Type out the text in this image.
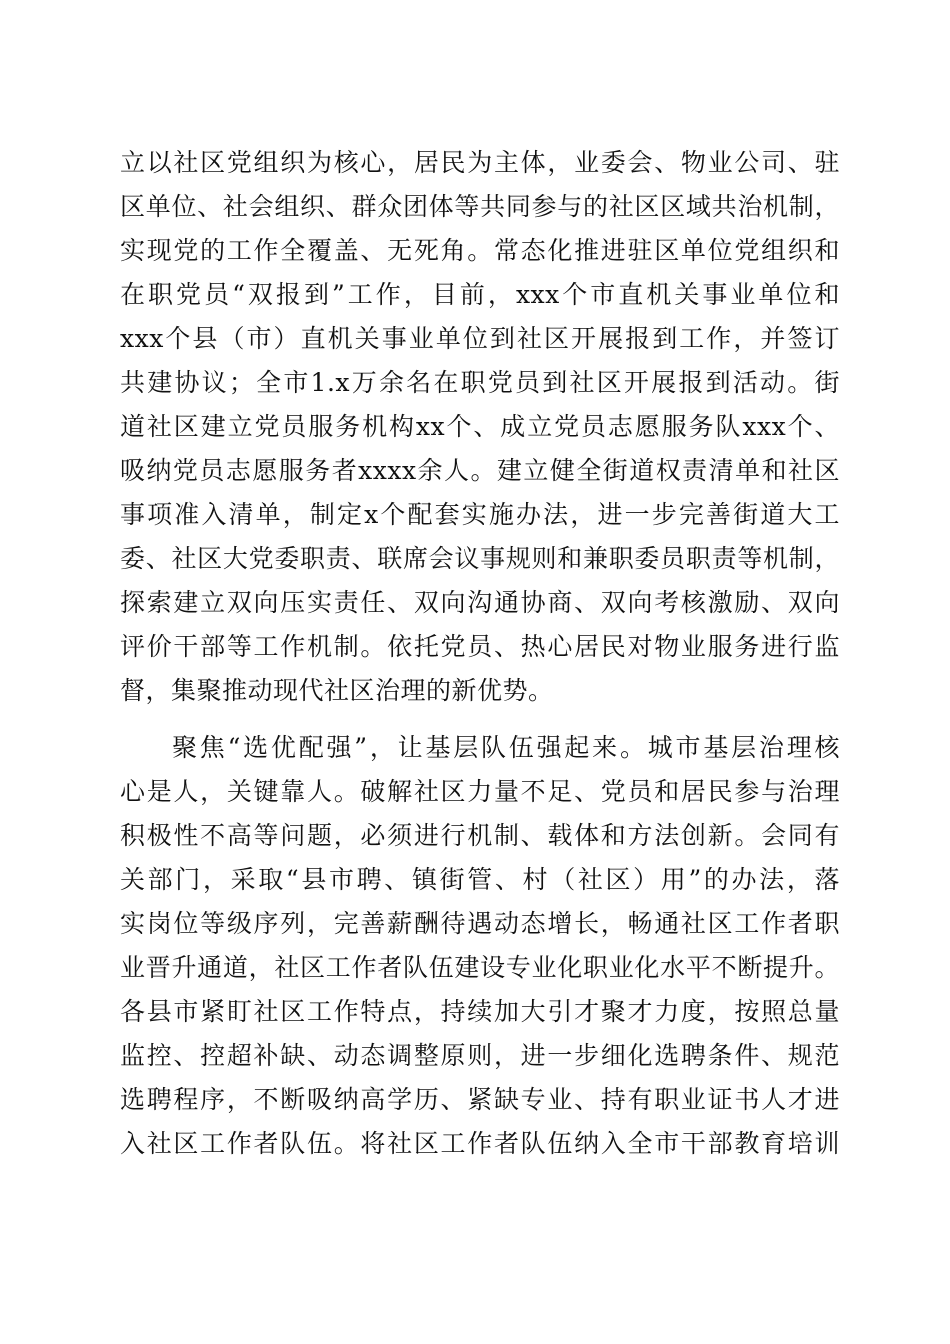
立以社区党组织为核心，居民为主体，业委会、物业公司、驻
区单位、社会组织、群众团体等共同参与的社区区域共治机制，
实现党的工作全覆盖、无死角。常态化推进驻区单位党组织和
在职党员“双报到”工作，目前，xxx个市直机关事业单位和
xxx个县（市）直机关事业单位到社区开展报到工作，并签订
共建协议；全市1.x万余名在职党员到社区开展报到活动。街
道社区建立党员服务机构xx个、成立党员志愿服务队xxx个、
吸纳党员志愿服务者xxxx余人。建立健全街道权责清单和社区
事项准入清单，制定x个配套实施办法，进一步完善街道大工
委、社区大党委职责、联席会议事规则和兼职委员职责等机制，
探索建立双向压实责任、双向沟通协商、双向考核激励、双向
评价干部等工作机制。依托党员、热心居民对物业服务进行监
督，集聚推动现代社区治理的新优势。
聚焦“选优配强”，让基层队伍强起来。城市基层治理核
心是人，关键靠人。破解社区力量不足、党员和居民参与治理
积极性不高等问题，必须进行机制、载体和方法创新。会同有
关部门，采取“县市聘、镇街管、村（社区）用”的办法，落
实岗位等级序列，完善薪酬待遇动态增长，畅通社区工作者职
业晋升通道，社区工作者队伍建设专业化职业化水平不断提升。
各县市紧盯社区工作特点，持续加大引才聚才力度，按照总量
监控、控超补缺、动态调整原则，进一步细化选聘条件、规范
选聘程序，不断吸纳高学历、紧缺专业、持有职业证书人才进
入社区工作者队伍。将社区工作者队伍纳入全市干部教育培训
